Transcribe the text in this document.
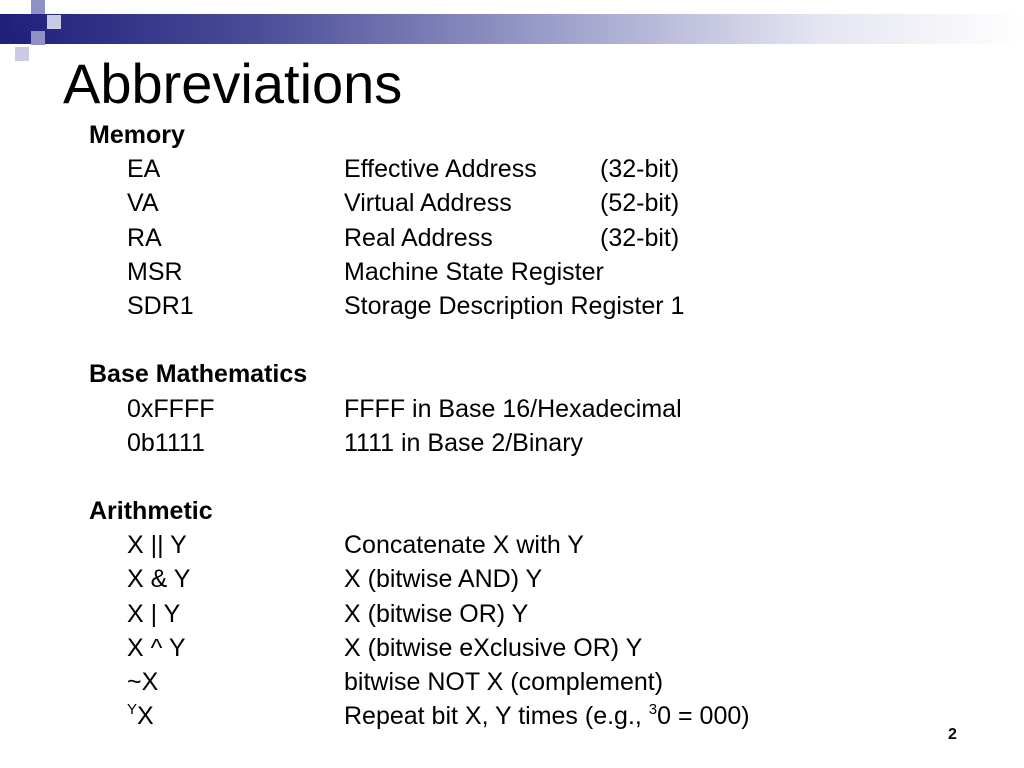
Abbreviations
Memory
EA	Effective Address	(32-bit)
VA	Virtual Address	(52-bit)
RA	Real Address	(32-bit)
MSR	Machine State Register
SDR1	Storage Description Register 1
Base Mathematics
0xFFFF	FFFF in Base 16/Hexadecimal
0b1111	1111 in Base 2/Binary
Arithmetic
X || Y	Concatenate X with Y
X & Y	X (bitwise AND) Y
X | Y	X (bitwise OR) Y
X ^ Y	X (bitwise eXclusive OR) Y
~X	bitwise NOT X (complement)
$^Y$X	Repeat bit X, Y times (e.g., $^3$0 = 000)
2
